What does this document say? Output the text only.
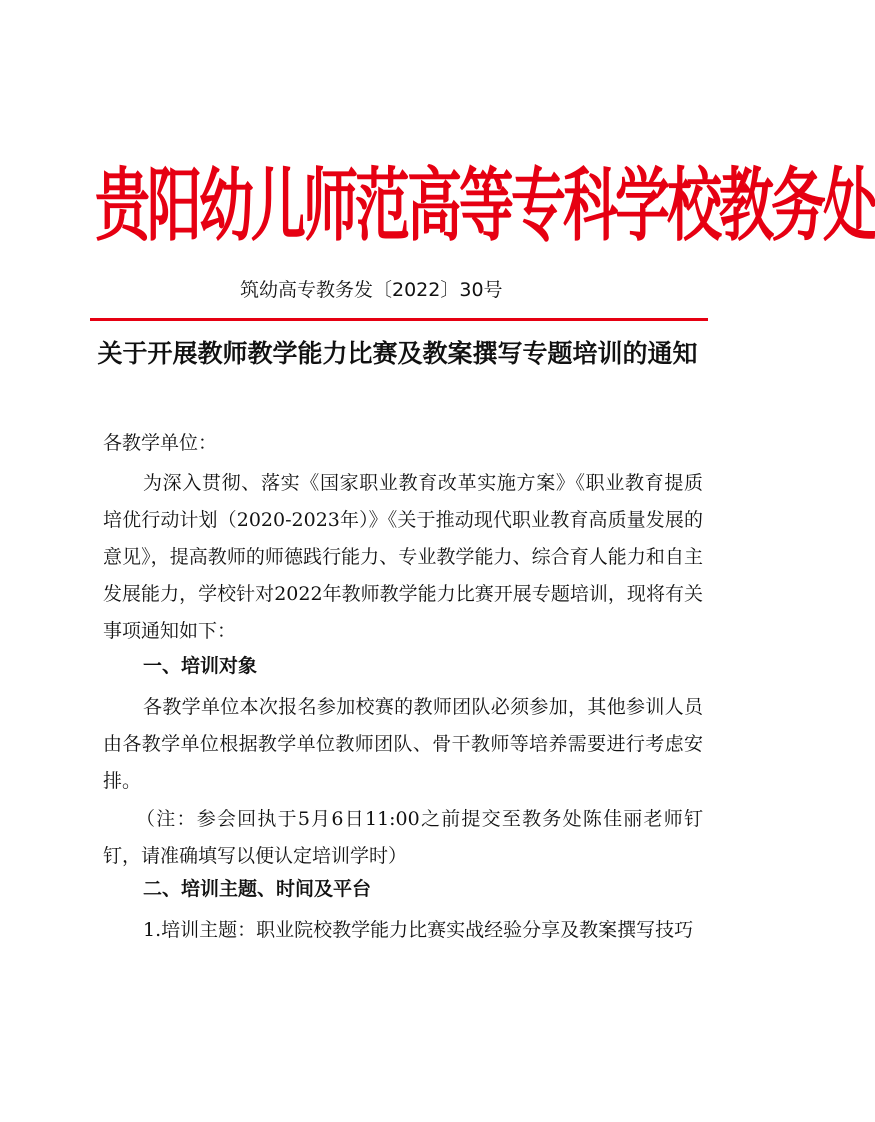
贵阳幼儿师范高等专科学校教务处
筑幼高专教务发〔2022〕30号
关于开展教师教学能力比赛及教案撰写专题培训的通知
各教学单位：

为深入贯彻、落实《国家职业教育改革实施方案》《职业教育提质培优行动计划（2020-2023年）》《关于推动现代职业教育高质量发展的意见》，提高教师的师德践行能力、专业教学能力、综合育人能力和自主发展能力，学校针对2022年教师教学能力比赛开展专题培训，现将有关事项通知如下：

一、培训对象

各教学单位本次报名参加校赛的教师团队必须参加，其他参训人员由各教学单位根据教学单位教师团队、骨干教师等培养需要进行考虑安排。

（注：参会回执于5月6日11:00之前提交至教务处陈佳丽老师钉钉，请准确填写以便认定培训学时）

二、培训主题、时间及平台

1.培训主题：职业院校教学能力比赛实战经验分享及教案撰写技巧
